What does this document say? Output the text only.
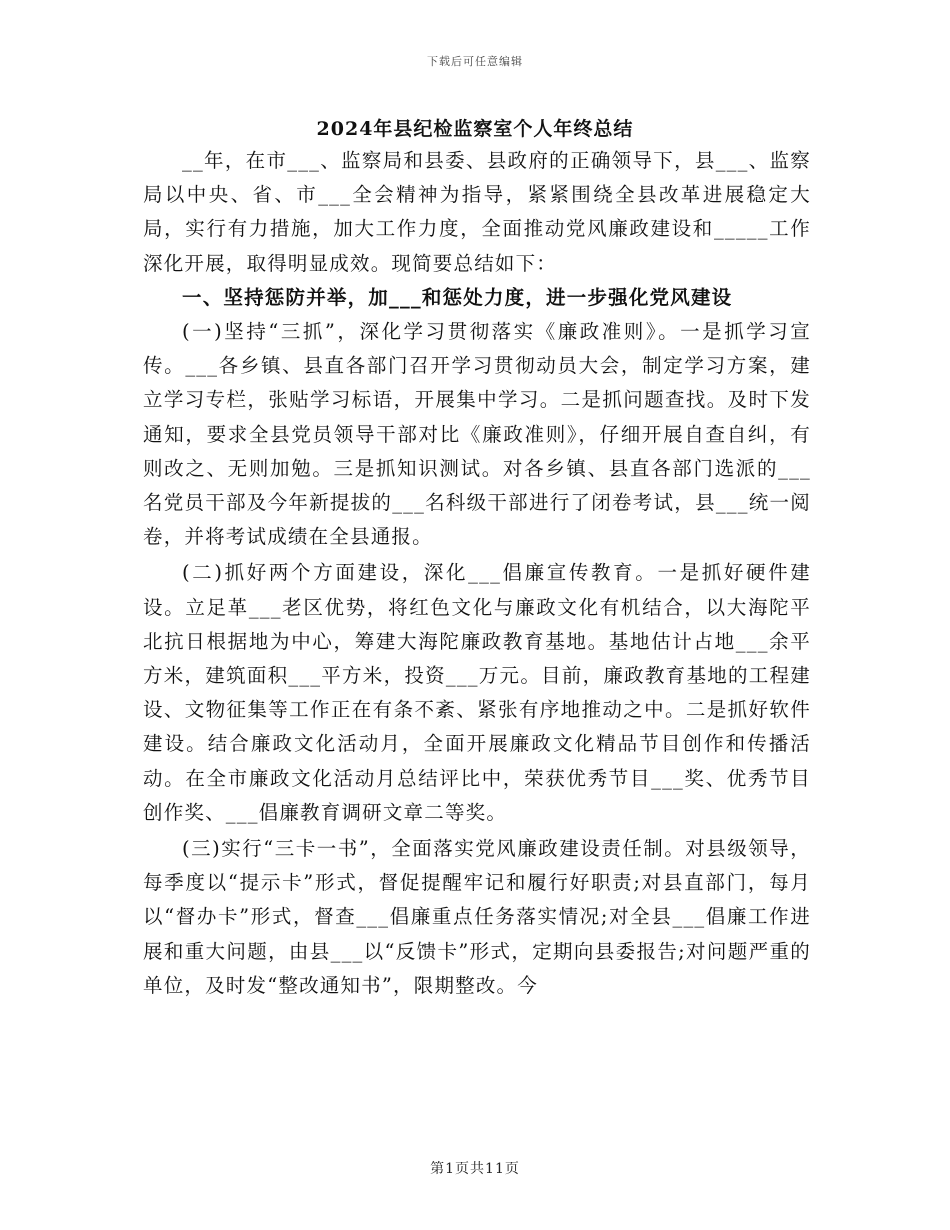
下载后可任意编辑
2024年县纪检监察室个人年终总结

__年，在市___、监察局和县委、县政府的正确领导下，县___、监察局以中央、省、市___全会精神为指导，紧紧围绕全县改革进展稳定大局，实行有力措施，加大工作力度，全面推动党风廉政建设和_____工作深化开展，取得明显成效。现简要总结如下：

一、坚持惩防并举，加___和惩处力度，进一步强化党风建设

(一)坚持“三抓”，深化学习贯彻落实《廉政准则》。一是抓学习宣传。___各乡镇、县直各部门召开学习贯彻动员大会，制定学习方案，建立学习专栏，张贴学习标语，开展集中学习。二是抓问题查找。及时下发通知，要求全县党员领导干部对比《廉政准则》，仔细开展自查自纠，有则改之、无则加勉。三是抓知识测试。对各乡镇、县直各部门选派的___名党员干部及今年新提拔的___名科级干部进行了闭卷考试，县___统一阅卷，并将考试成绩在全县通报。

(二)抓好两个方面建设，深化___倡廉宣传教育。一是抓好硬件建设。立足革___老区优势，将红色文化与廉政文化有机结合，以大海陀平北抗日根据地为中心，筹建大海陀廉政教育基地。基地估计占地___余平方米，建筑面积___平方米，投资___万元。目前，廉政教育基地的工程建设、文物征集等工作正在有条不紊、紧张有序地推动之中。二是抓好软件建设。结合廉政文化活动月，全面开展廉政文化精品节目创作和传播活动。在全市廉政文化活动月总结评比中，荣获优秀节目___奖、优秀节目创作奖、___倡廉教育调研文章二等奖。

(三)实行“三卡一书”，全面落实党风廉政建设责任制。对县级领导，每季度以“提示卡”形式，督促提醒牢记和履行好职责;对县直部门，每月以“督办卡”形式，督查___倡廉重点任务落实情况;对全县___倡廉工作进展和重大问题，由县___以“反馈卡”形式，定期向县委报告;对问题严重的单位，及时发“整改通知书”，限期整改。今

第1页共11页
